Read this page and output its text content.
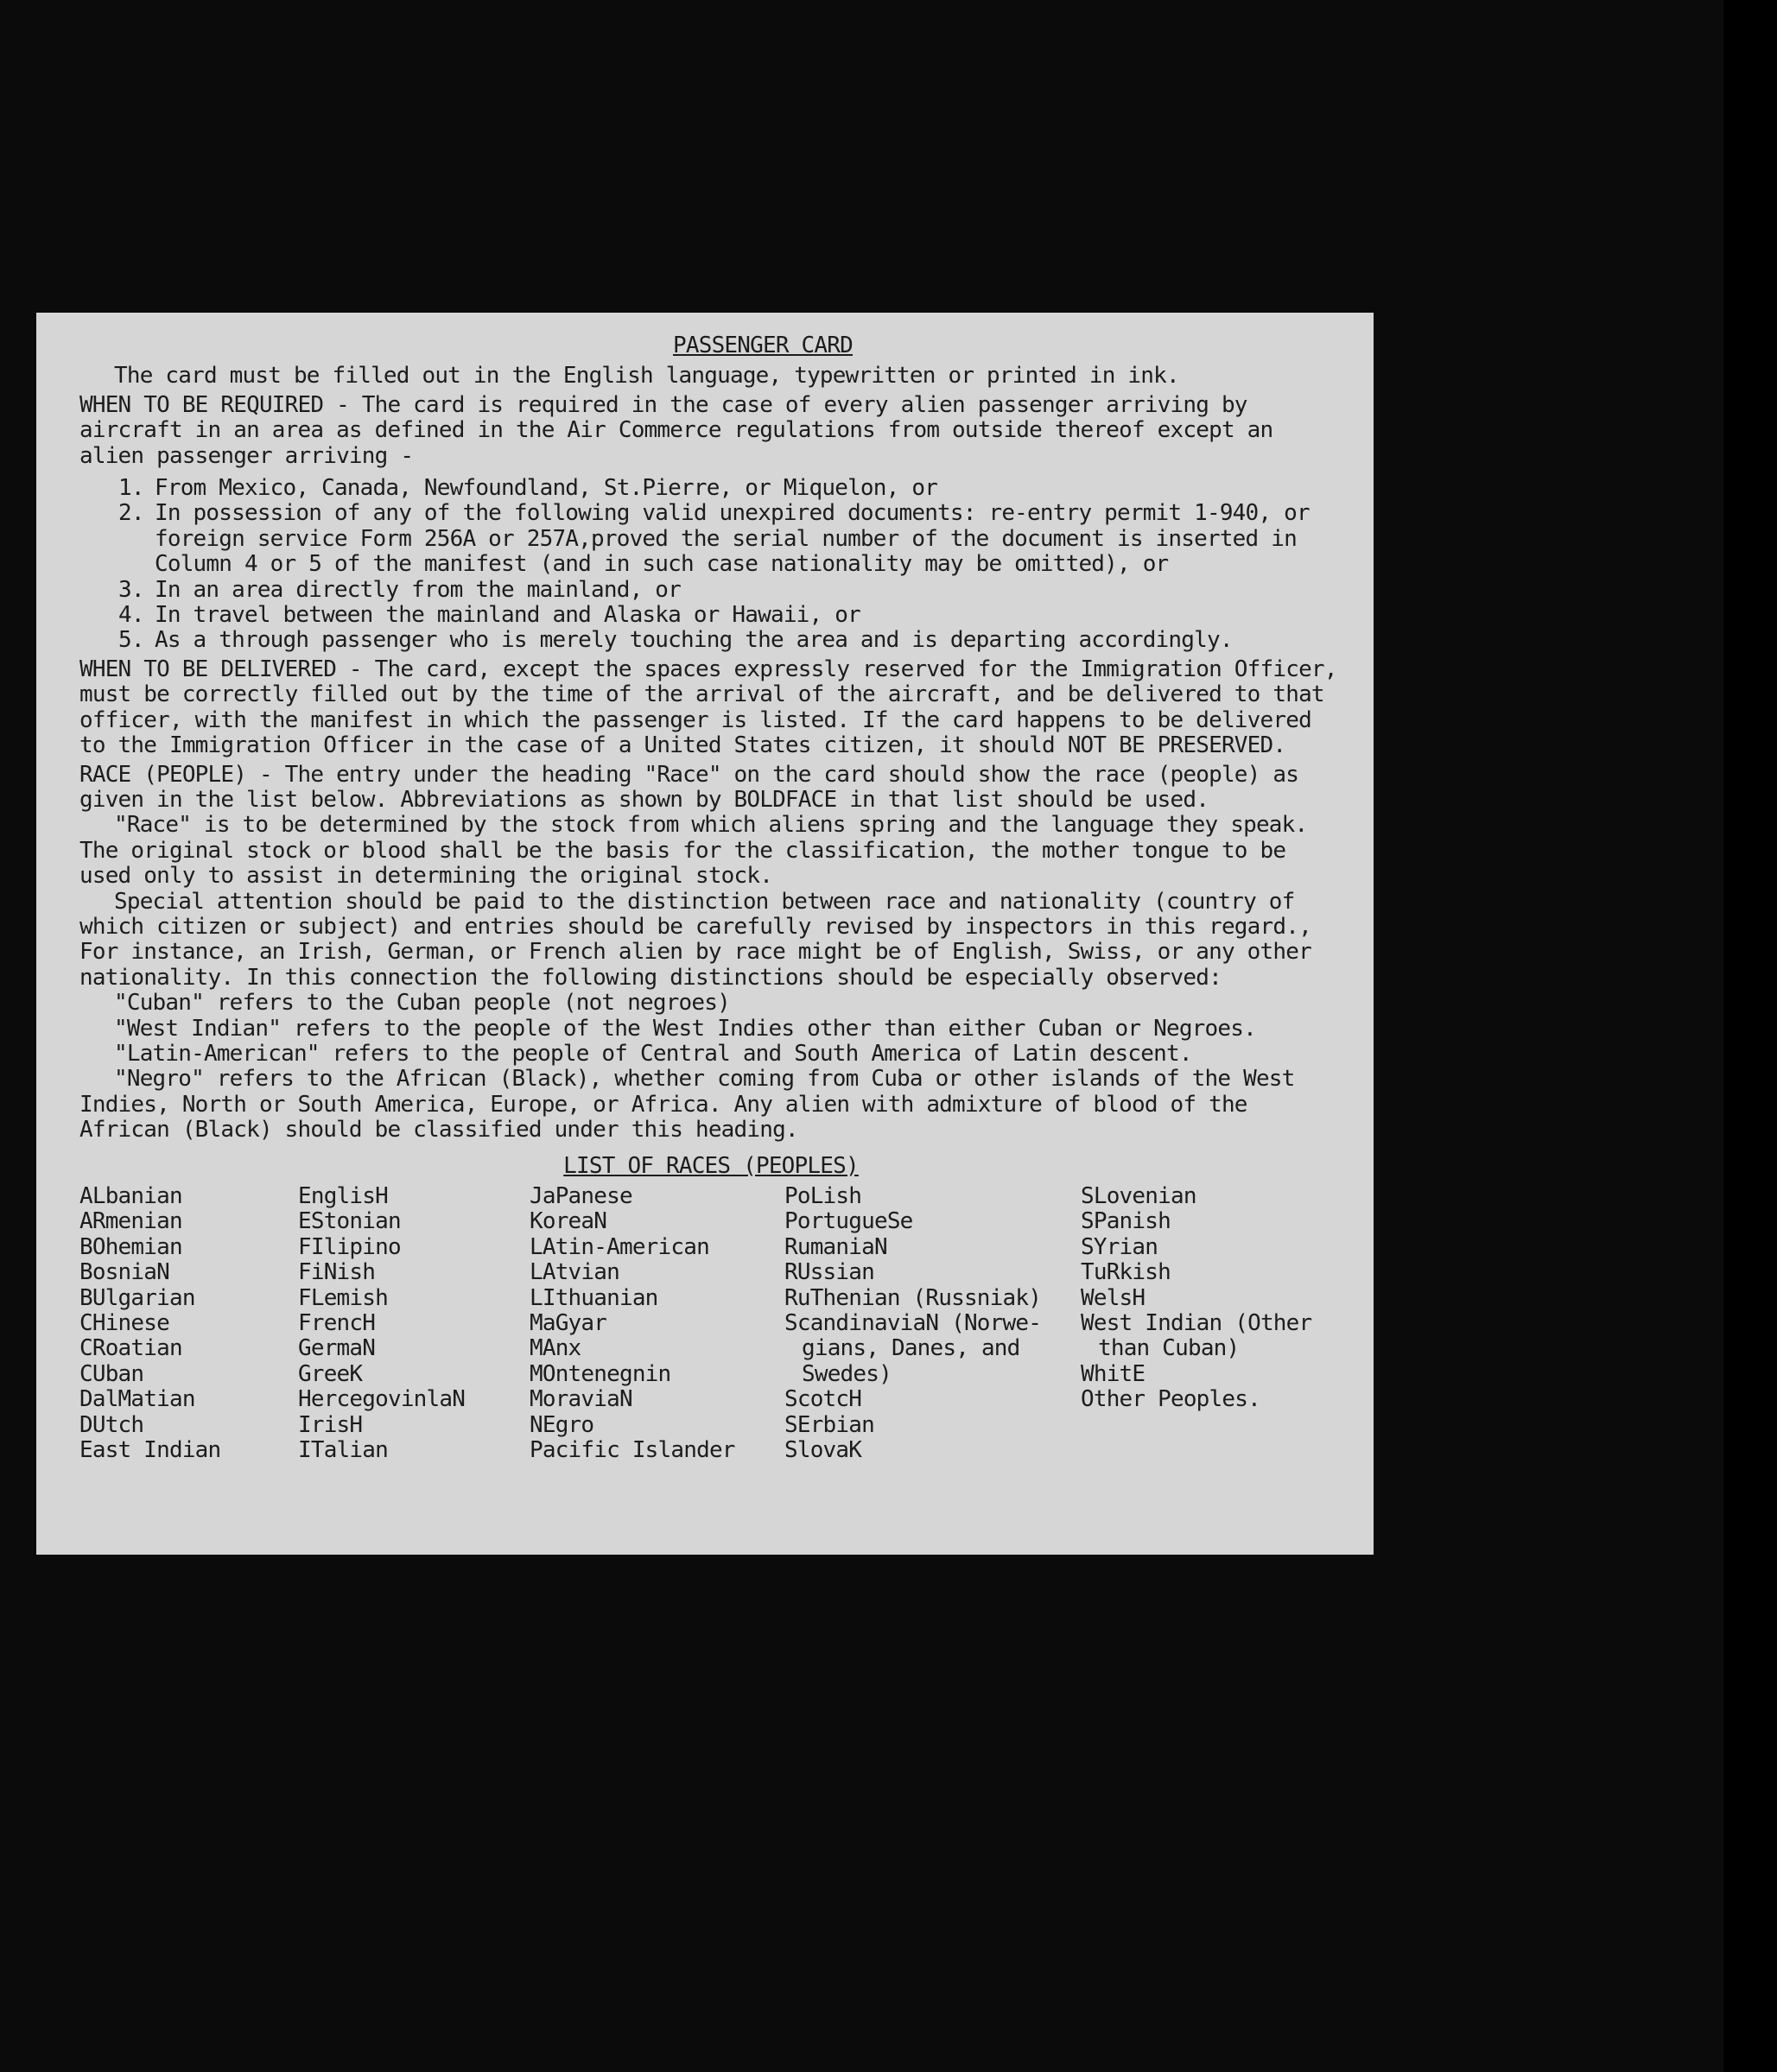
PASSENGER CARD

The card must be filled out in the English language, typewritten or printed in ink.

WHEN TO BE REQUIRED - The card is required in the case of every alien passenger arriving by aircraft in an area as defined in the Air Commerce regulations from outside thereof except an alien passenger arriving -

1. From Mexico, Canada, Newfoundland, St.Pierre, or Miquelon, or
2. In possession of any of the following valid unexpired documents: re-entry permit 1-940, or foreign service Form 256A or 257A,proved the serial number of the document is inserted in Column 4 or 5 of the manifest (and in such case nationality may be omitted), or
3. In an area directly from the mainland, or
4. In travel between the mainland and Alaska or Hawaii, or
5. As a through passenger who is merely touching the area and is departing accordingly.

WHEN TO BE DELIVERED - The card, except the spaces expressly reserved for the Immigration Officer, must be correctly filled out by the time of the arrival of the aircraft, and be delivered to that officer, with the manifest in which the passenger is listed. If the card happens to be delivered to the Immigration Officer in the case of a United States citizen, it should NOT BE PRESERVED.

RACE (PEOPLE) - The entry under the heading "Race" on the card should show the race (people) as given in the list below. Abbreviations as shown by BOLDFACE in that list should be used.

"Race" is to be determined by the stock from which aliens spring and the language they speak. The original stock or blood shall be the basis for the classification, the mother tongue to be used only to assist in determining the original stock.

Special attention should be paid to the distinction between race and nationality (country of which citizen or subject) and entries should be carefully revised by inspectors in this regard., For instance, an Irish, German, or French alien by race might be of English, Swiss, or any other nationality. In this connection the following distinctions should be especially observed:

"Cuban" refers to the Cuban people (not negroes)

"West Indian" refers to the people of the West Indies other than either Cuban or Negroes.

"Latin-American" refers to the people of Central and South America of Latin descent.

"Negro" refers to the African (Black), whether coming from Cuba or other islands of the West Indies, North or South America, Europe, or Africa. Any alien with admixture of blood of the African (Black) should be classified under this heading.

LIST OF RACES (PEOPLES)
ALbanian
ARmenian
BOhemian
BosniaN
BUlgarian
CHinese
CRoatian
CUban
DalMatian
DUtch
East Indian
EnglisH
EStonian
FIlipino
FiNish
FLemish
FrencH
GermaN
GreeK
HercegovinlaN
IrisH
ITalian
JaPanese
KoreaN
LAtin-American
LAtvian
LIthuanian
MaGyar
MAnx
MOntenegnin
MoraviaN
NEgro
Pacific Islander
PoLish
PortugueSe
RumaniaN
RUssian
RuThenian (Russniak)
ScandinaviaN (Norwe-
gians, Danes, and
Swedes)
ScotcH
SErbian
SlovaK
SLovenian
SPanish
SYrian
TuRkish
WelsH
West Indian (Other
than Cuban)
WhitE
Other Peoples.
